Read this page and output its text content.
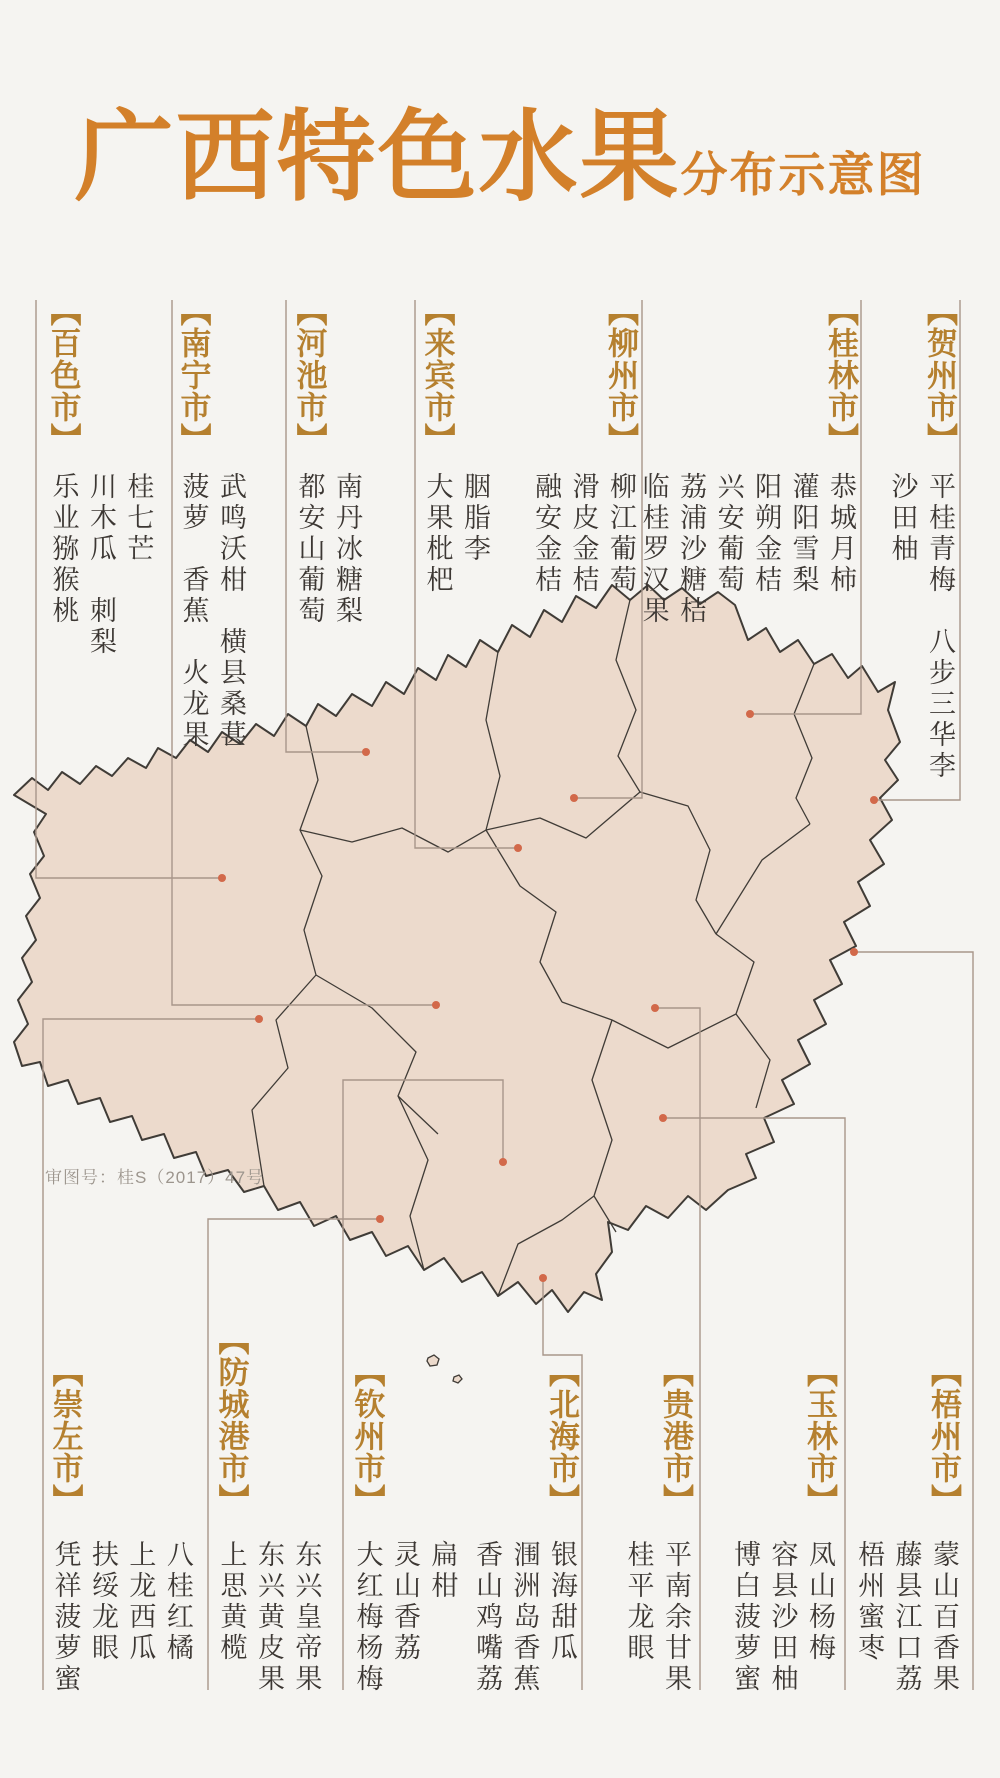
广西特色水果分布示意图
【百色市】
桂七芒
川木瓜　刺梨
乐业猕猴桃
【南宁市】
武鸣沃柑　横县桑葚
菠萝　香蕉　火龙果
【河池市】
南丹冰糖梨
都安山葡萄
【来宾市】
胭脂李
大果枇杷
【柳州市】
柳江葡萄
滑皮金桔
融安金桔
【桂林市】
恭城月柿
灌阳雪梨
阳朔金桔
兴安葡萄
荔浦沙糖桔
临桂罗汉果
【贺州市】
平桂青梅　八步三华李
沙田柚
审图号：桂S（2017）47号
【崇左市】
八桂红橘
上龙西瓜
扶绥龙眼
凭祥菠萝蜜
【防城港市】
东兴皇帝果
东兴黄皮果
上思黄榄
【钦州市】
扁柑
灵山香荔
大红梅杨梅
【北海市】
银海甜瓜
涠洲岛香蕉
香山鸡嘴荔
【贵港市】
平南余甘果
桂平龙眼
【玉林市】
凤山杨梅
容县沙田柚
博白菠萝蜜
【梧州市】
蒙山百香果
藤县江口荔
梧州蜜枣
